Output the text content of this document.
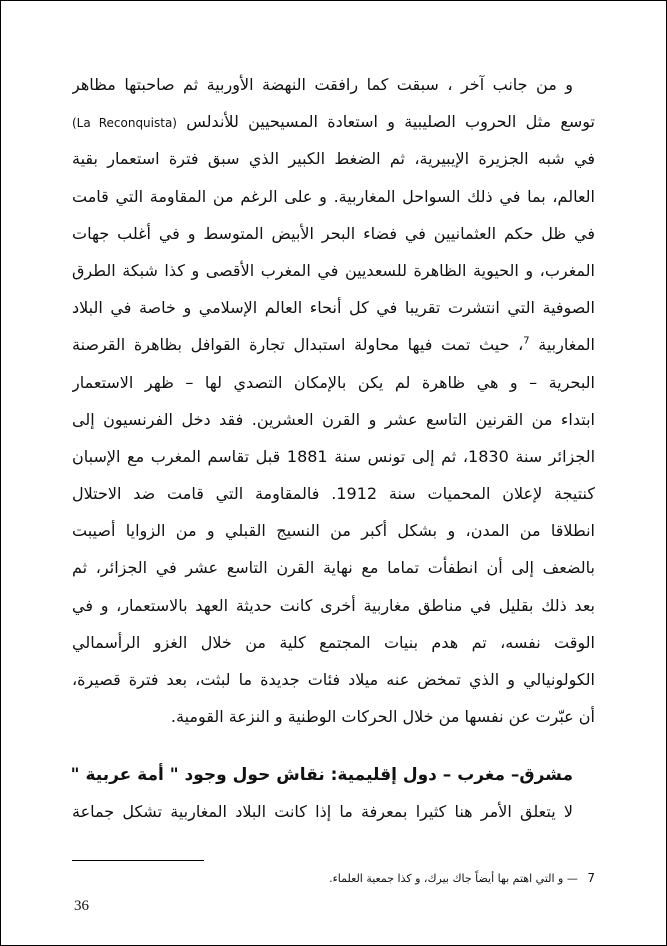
و من جانب آخر ، سبقت كما رافقت النهضة الأوربية ثم صاحبتها مظاهر
توسع مثل الحروب الصليبية و استعادة المسيحيين للأندلس (La Reconquista)
في شبه الجزيرة الإيبيرية، ثم الضغط الكبير الذي سبق فترة استعمار بقية
العالم، بما في ذلك السواحل المغاربية. و على الرغم من المقاومة التي قامت
في ظل حكم العثمانيين في فضاء البحر الأبيض المتوسط و في أغلب جهات
المغرب، و الحيوية الظاهرة للسعديين في المغرب الأقصى و كذا شبكة الطرق
الصوفية التي انتشرت تقريبا في كل أنحاء العالم الإسلامي و خاصة في البلاد
المغاربية $^7$، حيث تمت فيها محاولة استبدال تجارة القوافل بظاهرة القرصنة
البحرية – و هي ظاهرة لم يكن بالإمكان التصدي لها – ظهر الاستعمار
ابتداء من القرنين التاسع عشر و القرن العشرين. فقد دخل الفرنسيون إلى
الجزائر سنة 1830، ثم إلى تونس سنة 1881 قبل تقاسم المغرب مع الإسبان
كنتيجة لإعلان المحميات سنة 1912. فالمقاومة التي قامت ضد الاحتلال
انطلاقا من المدن، و بشكل أكبر من النسيج القبلي و من الزوايا أصيبت
بالضعف إلى أن انطفأت تماما مع نهاية القرن التاسع عشر في الجزائر، ثم
بعد ذلك بقليل في مناطق مغاربية أخرى كانت حديثة العهد بالاستعمار، و في
الوقت نفسه، تم هدم بنيات المجتمع كلية من خلال الغزو الرأسمالي
الكولونيالي و الذي تمخض عنه ميلاد فئات جديدة ما لبثت، بعد فترة قصيرة،
أن عبّرت عن نفسها من خلال الحركات الوطنية و النزعة القومية.
مشرق– مغرب – دول إقليمية: نقاش حول وجود " أمة عربية "
لا يتعلق الأمر هنا كثيرا بمعرفة ما إذا كانت البلاد المغاربية تشكل جماعة
7 — و التي اهتم بها أيضاً جاك بيرك، و كذا جمعية العلماء.
36
